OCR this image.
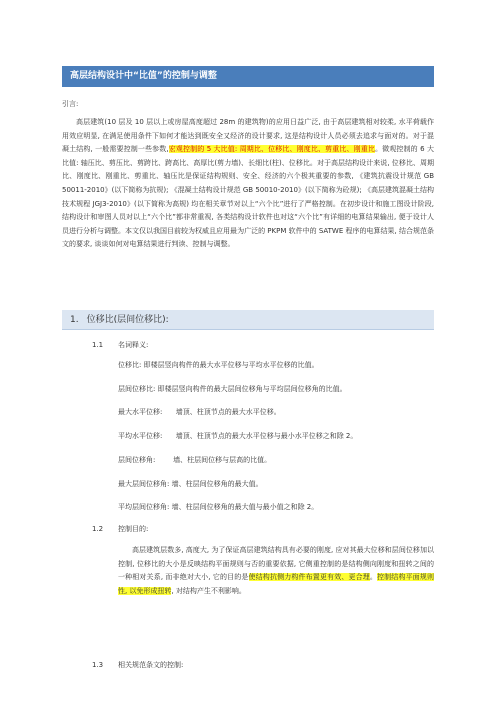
高层结构设计中“比值”的控制与调整
引言:
高层建筑(10 层及 10 层以上或房屋高度超过 28m 的建筑物)的应用日益广泛, 由于高层建筑相对较柔, 水平荷载作用效应明显, 在满足使用条件下如何才能达到既安全又经济的设计要求, 这是结构设计人员必须去追求与面对的。对于混凝土结构, 一般需要控制一些参数,宏观控制的 5 大比值: 周期比、位移比、刚度比、剪重比、刚重比。微观控制的 6 大比值: 轴压比、剪压比、剪跨比、跨高比、高厚比(剪力墙)、长细比(柱)、位移比。对于高层结构设计来说, 位移比、周期比、刚度比、刚重比、剪重比、轴压比是保证结构规则、安全、经济的六个极其重要的参数, 《建筑抗震设计规范 GB 50011-2010》(以下简称为抗规); 《混凝土结构设计规范 GB 50010-2010》(以下简称为砼规); 《高层建筑混凝土结构技术规程 JGJ3-2010》(以下简称为高规) 均在相关章节对以上“六个比”进行了严格控制。在初步设计和施工图设计阶段, 结构设计和审图人员对以上“六个比”都非常重视, 各类结构设计软件也对这“六个比”有详细的电算结果输出, 便于设计人员进行分析与调整。本文仅以我国目前较为权威且应用最为广泛的 PKPM 软件中的 SATWE 程序的电算结果, 结合规范条文的要求, 谈谈如何对电算结果进行判读、控制与调整。
1. 位移比(层间位移比):
1.1 名词释义:
位移比: 即楼层竖向构件的最大水平位移与平均水平位移的比值。
层间位移比: 即楼层竖向构件的最大层间位移角与平均层间位移角的比值。
最大水平位移:      墙顶、柱顶节点的最大水平位移。
平均水平位移:      墙顶、柱顶节点的最大水平位移与最小水平位移之和除 2。
层间位移角:        墙、柱层间位移与层高的比值。
最大层间位移角: 墙、柱层间位移角的最大值。
平均层间位移角: 墙、柱层间位移角的最大值与最小值之和除 2。
1.2 控制目的:
高层建筑层数多, 高度大, 为了保证高层建筑结构具有必要的刚度, 应对其最大位移和层间位移加以控制, 位移比的大小是反映结构平面规则与否的重要依据, 它侧重控制的是结构侧向刚度和扭转之间的一种相对关系, 而非绝对大小, 它的目的是使结构抗侧力构件布置更有效、更合理。控制结构平面规则性, 以免形成扭转, 对结构产生不利影响。
1.3 相关规范条文的控制:
